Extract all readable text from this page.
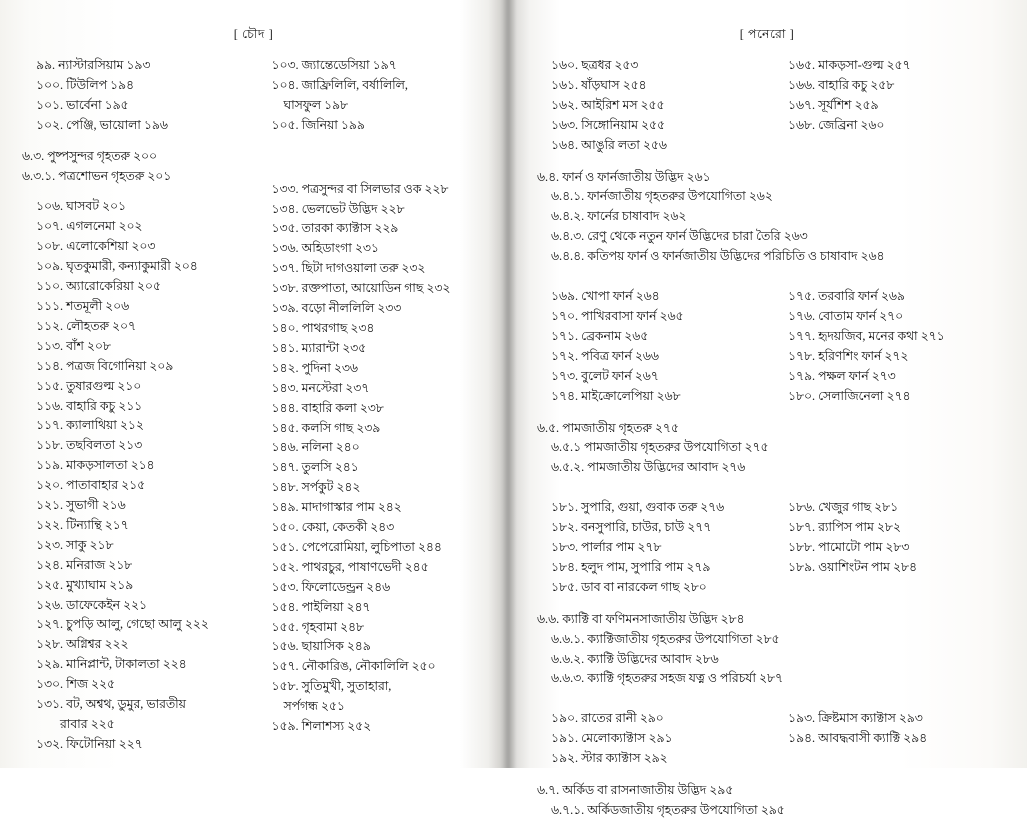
[ চৌদ ]
৯৯. ন্যাস্টারসিয়াম ১৯৩
১০০. টিউলিপ ১৯৪
১০১. ভার্বেনা ১৯৫
১০২. পেঞ্জি, ভায়োলা ১৯৬
৬.৩. পুষ্পসুন্দর গৃহতরু ২০০
৬.৩.১. পত্রশোভন গৃহতরু ২০১
১০৬. ঘাসবট ২০১
১০৭. এগলনেমা ২০২
১০৮. এলোকেশিয়া ২০৩
১০৯. ঘৃতকুমারী, কন্যাকুমারী ২০৪
১১০. অ্যারোকেরিয়া ২০৫
১১১. শতমূলী ২০৬
১১২. লৌহতরু ২০৭
১১৩. বাঁশ ২০৮
১১৪. পত্রজ বিগোনিয়া ২০৯
১১৫. তুষারগুল্ম ২১০
১১৬. বাহারি কচু ২১১
১১৭. ক্যালাথিয়া ২১২
১১৮. তছবিলতা ২১৩
১১৯. মাকড়সালতা ২১৪
১২০. পাতাবাহার ২১৫
১২১. সুভাগী ২১৬
১২২. টিন্যান্থি ২১৭
১২৩. সাকু ২১৮
১২৪. মনিরাজ ২১৮
১২৫. মুখ্যাঘাম ২১৯
১২৬. ডাফেকেইন ২২১
১২৭. চুপড়ি আলু, গেছো আলু ২২২
১২৮. অগ্নিশ্বর ২২২
১২৯. মানিপ্লান্ট, টাকালতা ২২৪
১৩০. শিজ ২২৫
১৩১. বট, অশ্বথ, ডুমুর, ভারতীয়
রাবার ২২৫
১৩২. ফিটোনিয়া ২২৭
১০৩. জ্যান্তেডেসিয়া ১৯৭
১০৪. জাফ্রিলিলি, বর্ষালিলি,
ঘাসফুল ১৯৮
১০৫. জিনিয়া ১৯৯
১৩৩. পত্রসুন্দর বা সিলভার ওক ২২৮
১৩৪. ভেলভেট উদ্ভিদ ২২৮
১৩৫. তারকা ক্যাক্টাস ২২৯
১৩৬. অহিডাংগা ২৩১
১৩৭. ছিটা দাগওয়ালা তরু ২৩২
১৩৮. রক্তপাতা, আয়োডিন গাছ ২৩২
১৩৯. বড়ো নীললিলি ২৩৩
১৪০. পাথরগাছ ২৩৪
১৪১. ম্যারান্টা ২৩৫
১৪২. পুদিনা ২৩৬
১৪৩. মনস্টেরা ২৩৭
১৪৪. বাহারি কলা ২৩৮
১৪৫. কলসি গাছ ২৩৯
১৪৬. নলিনা ২৪০
১৪৭. তুলসি ২৪১
১৪৮. সর্পকুট ২৪২
১৪৯. মাদাগাস্কার পাম ২৪২
১৫০. কেয়া, কেতকী ২৪৩
১৫১. পেপেরোমিয়া, লুচিপাতা ২৪৪
১৫২. পাথরচুর, পাষাণভেদী ২৪৫
১৫৩. ফিলোডেন্ড্রন ২৪৬
১৫৪. পাইলিয়া ২৪৭
১৫৫. গৃহবামা ২৪৮
১৫৬. ছায়াসিক ২৪৯
১৫৭. নৌকারিঙ, নৌকালিলি ২৫০
১৫৮. সুতিমুখী, সুতাহারা,
সর্পগন্ধ ২৫১
১৫৯. শিলাশস্য ২৫২
[ পনেরো ]
১৬০. ছত্রধর ২৫৩
১৬১. ষাঁড়ঘাস ২৫৪
১৬২. আইরিশ মস ২৫৫
১৬৩. সিঙ্গোনিয়াম ২৫৫
১৬৪. আঙুরি লতা ২৫৬
১৬৫. মাকড়সা-গুল্ম ২৫৭
১৬৬. বাহারি কচু ২৫৮
১৬৭. সূর্যশিশ ২৫৯
১৬৮. জেব্রিনা ২৬০
৬.৪. ফার্ন ও ফার্নজাতীয় উদ্ভিদ ২৬১
৬.৪.১. ফার্নজাতীয় গৃহতরুর উপযোগিতা ২৬২
৬.৪.২. ফার্নের চাষাবাদ ২৬২
৬.৪.৩. রেণু থেকে নতুন ফার্ন উদ্ভিদের চারা তৈরি ২৬৩
৬.৪.৪. কতিপয় ফার্ন ও ফার্নজাতীয় উদ্ভিদের পরিচিতি ও চাষাবাদ ২৬৪
১৬৯. খোপা ফার্ন ২৬৪
১৭০. পাখিরবাসা ফার্ন ২৬৫
১৭১. ব্রেকনাম ২৬৫
১৭২. পবিত্র ফার্ন ২৬৬
১৭৩. বুলেট ফার্ন ২৬৭
১৭৪. মাইক্রোলেপিয়া ২৬৮
১৭৫. তরবারি ফার্ন ২৬৯
১৭৬. বোতাম ফার্ন ২৭০
১৭৭. হৃদয়জিব, মনের কথা ২৭১
১৭৮. হরিণশিং ফার্ন ২৭২
১৭৯. পক্ষল ফার্ন ২৭৩
১৮০. সেলাজিনেলা ২৭৪
৬.৫. পামজাতীয় গৃহতরু ২৭৫
৬.৫.১ পামজাতীয় গৃহতরুর উপযোগিতা ২৭৫
৬.৫.২. পামজাতীয় উদ্ভিদের আবাদ ২৭৬
১৮১. সুপারি, গুয়া, গুবাক তরু ২৭৬
১৮২. বনসুপারি, চাউর, চাউ ২৭৭
১৮৩. পার্লার পাম ২৭৮
১৮৪. হলুদ পাম, সুপারি পাম ২৭৯
১৮৫. ডাব বা নারকেল গাছ ২৮০
১৮৬. খেজুর গাছ ২৮১
১৮৭. র‍্যাপিস পাম ২৮২
১৮৮. পামোটো পাম ২৮৩
১৮৯. ওয়াশিংটন পাম ২৮৪
৬.৬. ক্যাক্টি বা ফণিমনসাজাতীয় উদ্ভিদ ২৮৪
৬.৬.১. ক্যাক্টিজাতীয় গৃহতরুর উপযোগিতা ২৮৫
৬.৬.২. ক্যাক্টি উদ্ভিদের আবাদ ২৮৬
৬.৬.৩. ক্যাক্টি গৃহতরুর সহজ যত্ন ও পরিচর্যা ২৮৭
১৯০. রাতের রানী ২৯০
১৯১. মেলোক্যাক্টাস ২৯১
১৯২. স্টার ক্যাক্টাস ২৯২
১৯৩. ক্রিষ্টমাস ক্যাক্টাস ২৯৩
১৯৪. আবদ্ধবাসী ক্যাক্টি ২৯৪
৬.৭. অর্কিড বা রাসনাজাতীয় উদ্ভিদ ২৯৫
৬.৭.১. অর্কিডজাতীয় গৃহতরুর উপযোগিতা ২৯৫
